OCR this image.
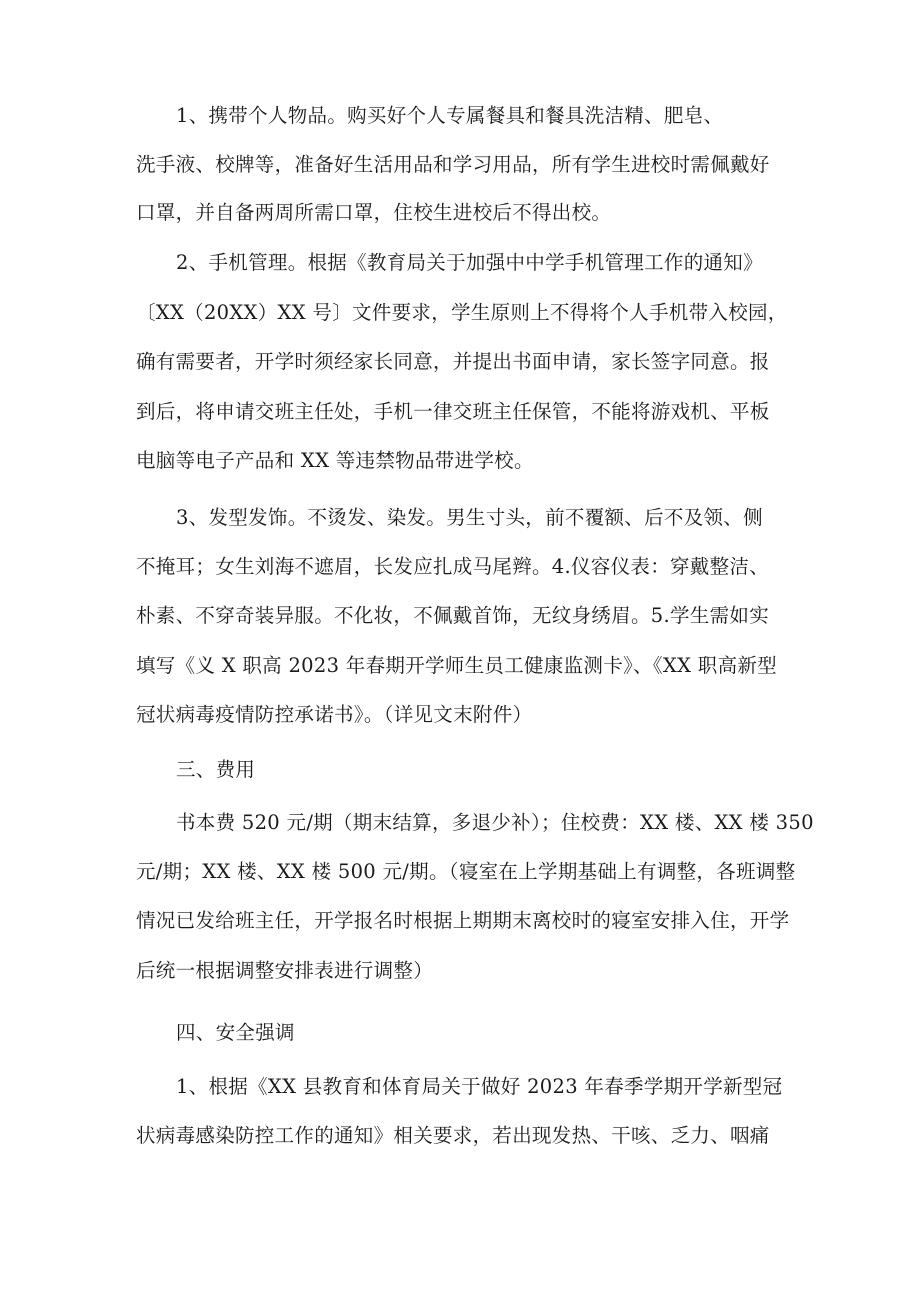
1、携带个人物品。购买好个人专属餐具和餐具洗洁精、肥皂、
洗手液、校牌等，准备好生活用品和学习用品，所有学生进校时需佩戴好
口罩，并自备两周所需口罩，住校生进校后不得出校。
2、手机管理。根据《教育局关于加强中中学手机管理工作的通知》
〔XX（20XX）XX 号〕文件要求，学生原则上不得将个人手机带入校园，
确有需要者，开学时须经家长同意，并提出书面申请，家长签字同意。报
到后，将申请交班主任处，手机一律交班主任保管，不能将游戏机、平板
电脑等电子产品和 XX 等违禁物品带进学校。
3、发型发饰。不烫发、染发。男生寸头，前不覆额、后不及领、侧
不掩耳；女生刘海不遮眉，长发应扎成马尾辫。4.仪容仪表：穿戴整洁、
朴素、不穿奇装异服。不化妆，不佩戴首饰，无纹身绣眉。5.学生需如实
填写《义 X 职高 2023 年春期开学师生员工健康监测卡》、《XX 职高新型
冠状病毒疫情防控承诺书》。（详见文末附件）
三、费用
书本费 520 元/期（期末结算，多退少补）；住校费：XX 楼、XX 楼 350
元/期；XX 楼、XX 楼 500 元/期。（寝室在上学期基础上有调整，各班调整
情况已发给班主任，开学报名时根据上期期末离校时的寝室安排入住，开学
后统一根据调整安排表进行调整）
四、安全强调
1、根据《XX 县教育和体育局关于做好 2023 年春季学期开学新型冠
状病毒感染防控工作的通知》相关要求，若出现发热、干咳、乏力、咽痛
